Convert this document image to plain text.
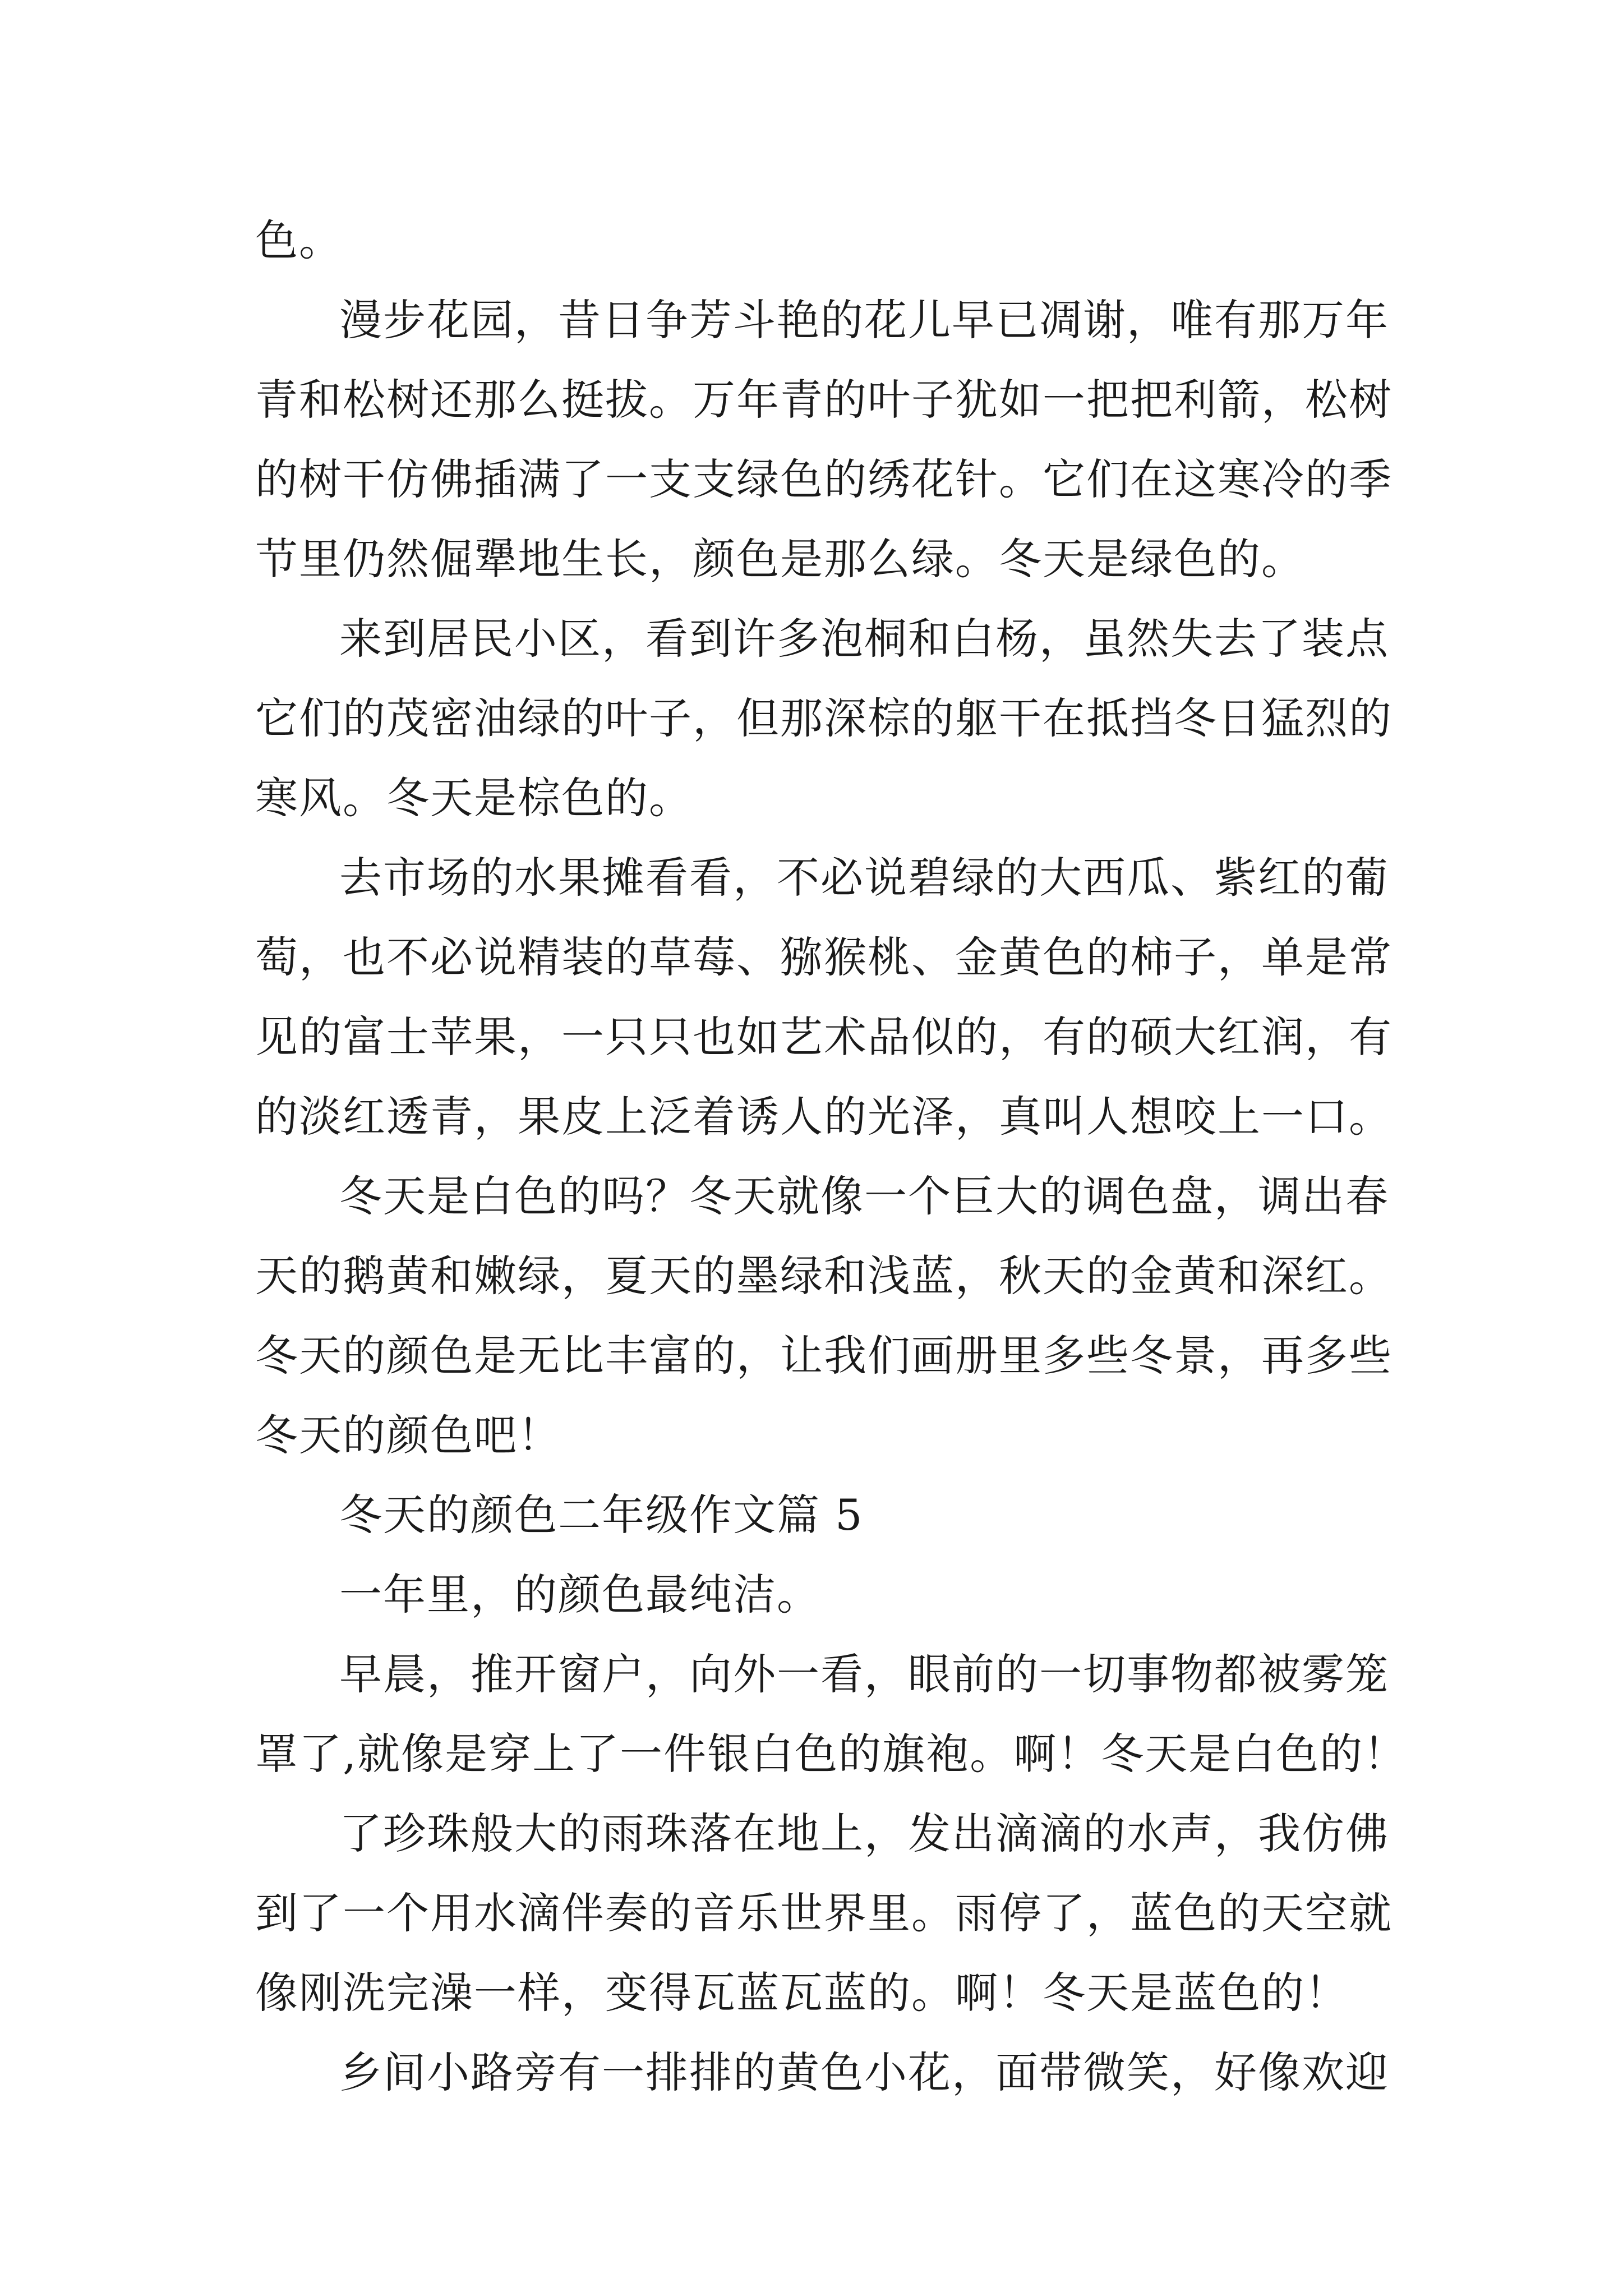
色。
漫步花园，昔日争芳斗艳的花儿早已凋谢，唯有那万年
青和松树还那么挺拔。万年青的叶子犹如一把把利箭，松树
的树干仿佛插满了一支支绿色的绣花针。它们在这寒冷的季
节里仍然倔犟地生长，颜色是那么绿。冬天是绿色的。
来到居民小区，看到许多泡桐和白杨，虽然失去了装点
它们的茂密油绿的叶子，但那深棕的躯干在抵挡冬日猛烈的
寒风。冬天是棕色的。
去市场的水果摊看看，不必说碧绿的大西瓜、紫红的葡
萄，也不必说精装的草莓、猕猴桃、金黄色的柿子，单是常
见的富士苹果，一只只也如艺术品似的，有的硕大红润，有
的淡红透青，果皮上泛着诱人的光泽，真叫人想咬上一口。
冬天是白色的吗？冬天就像一个巨大的调色盘，调出春
天的鹅黄和嫩绿，夏天的墨绿和浅蓝，秋天的金黄和深红。
冬天的颜色是无比丰富的，让我们画册里多些冬景，再多些
冬天的颜色吧！
冬天的颜色二年级作文篇 5
一年里，的颜色最纯洁。
早晨，推开窗户，向外一看，眼前的一切事物都被雾笼
罩了,就像是穿上了一件银白色的旗袍。啊！冬天是白色的！
了珍珠般大的雨珠落在地上，发出滴滴的水声，我仿佛
到了一个用水滴伴奏的音乐世界里。雨停了，蓝色的天空就
像刚洗完澡一样，变得瓦蓝瓦蓝的。啊！冬天是蓝色的！
乡间小路旁有一排排的黄色小花，面带微笑，好像欢迎
